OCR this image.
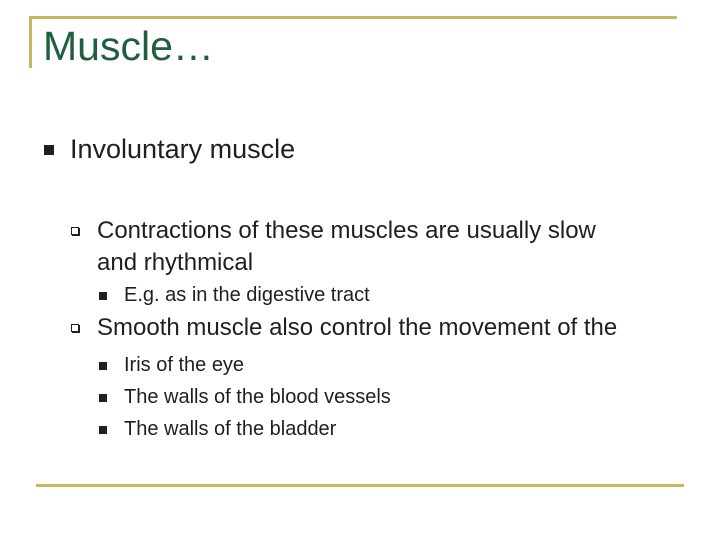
Muscle…
Involuntary muscle
Contractions of these muscles are usually slow
and rhythmical
E.g. as in the digestive tract
Smooth muscle also control the movement of the
Iris of the eye
The walls of the blood vessels
The walls of the bladder
